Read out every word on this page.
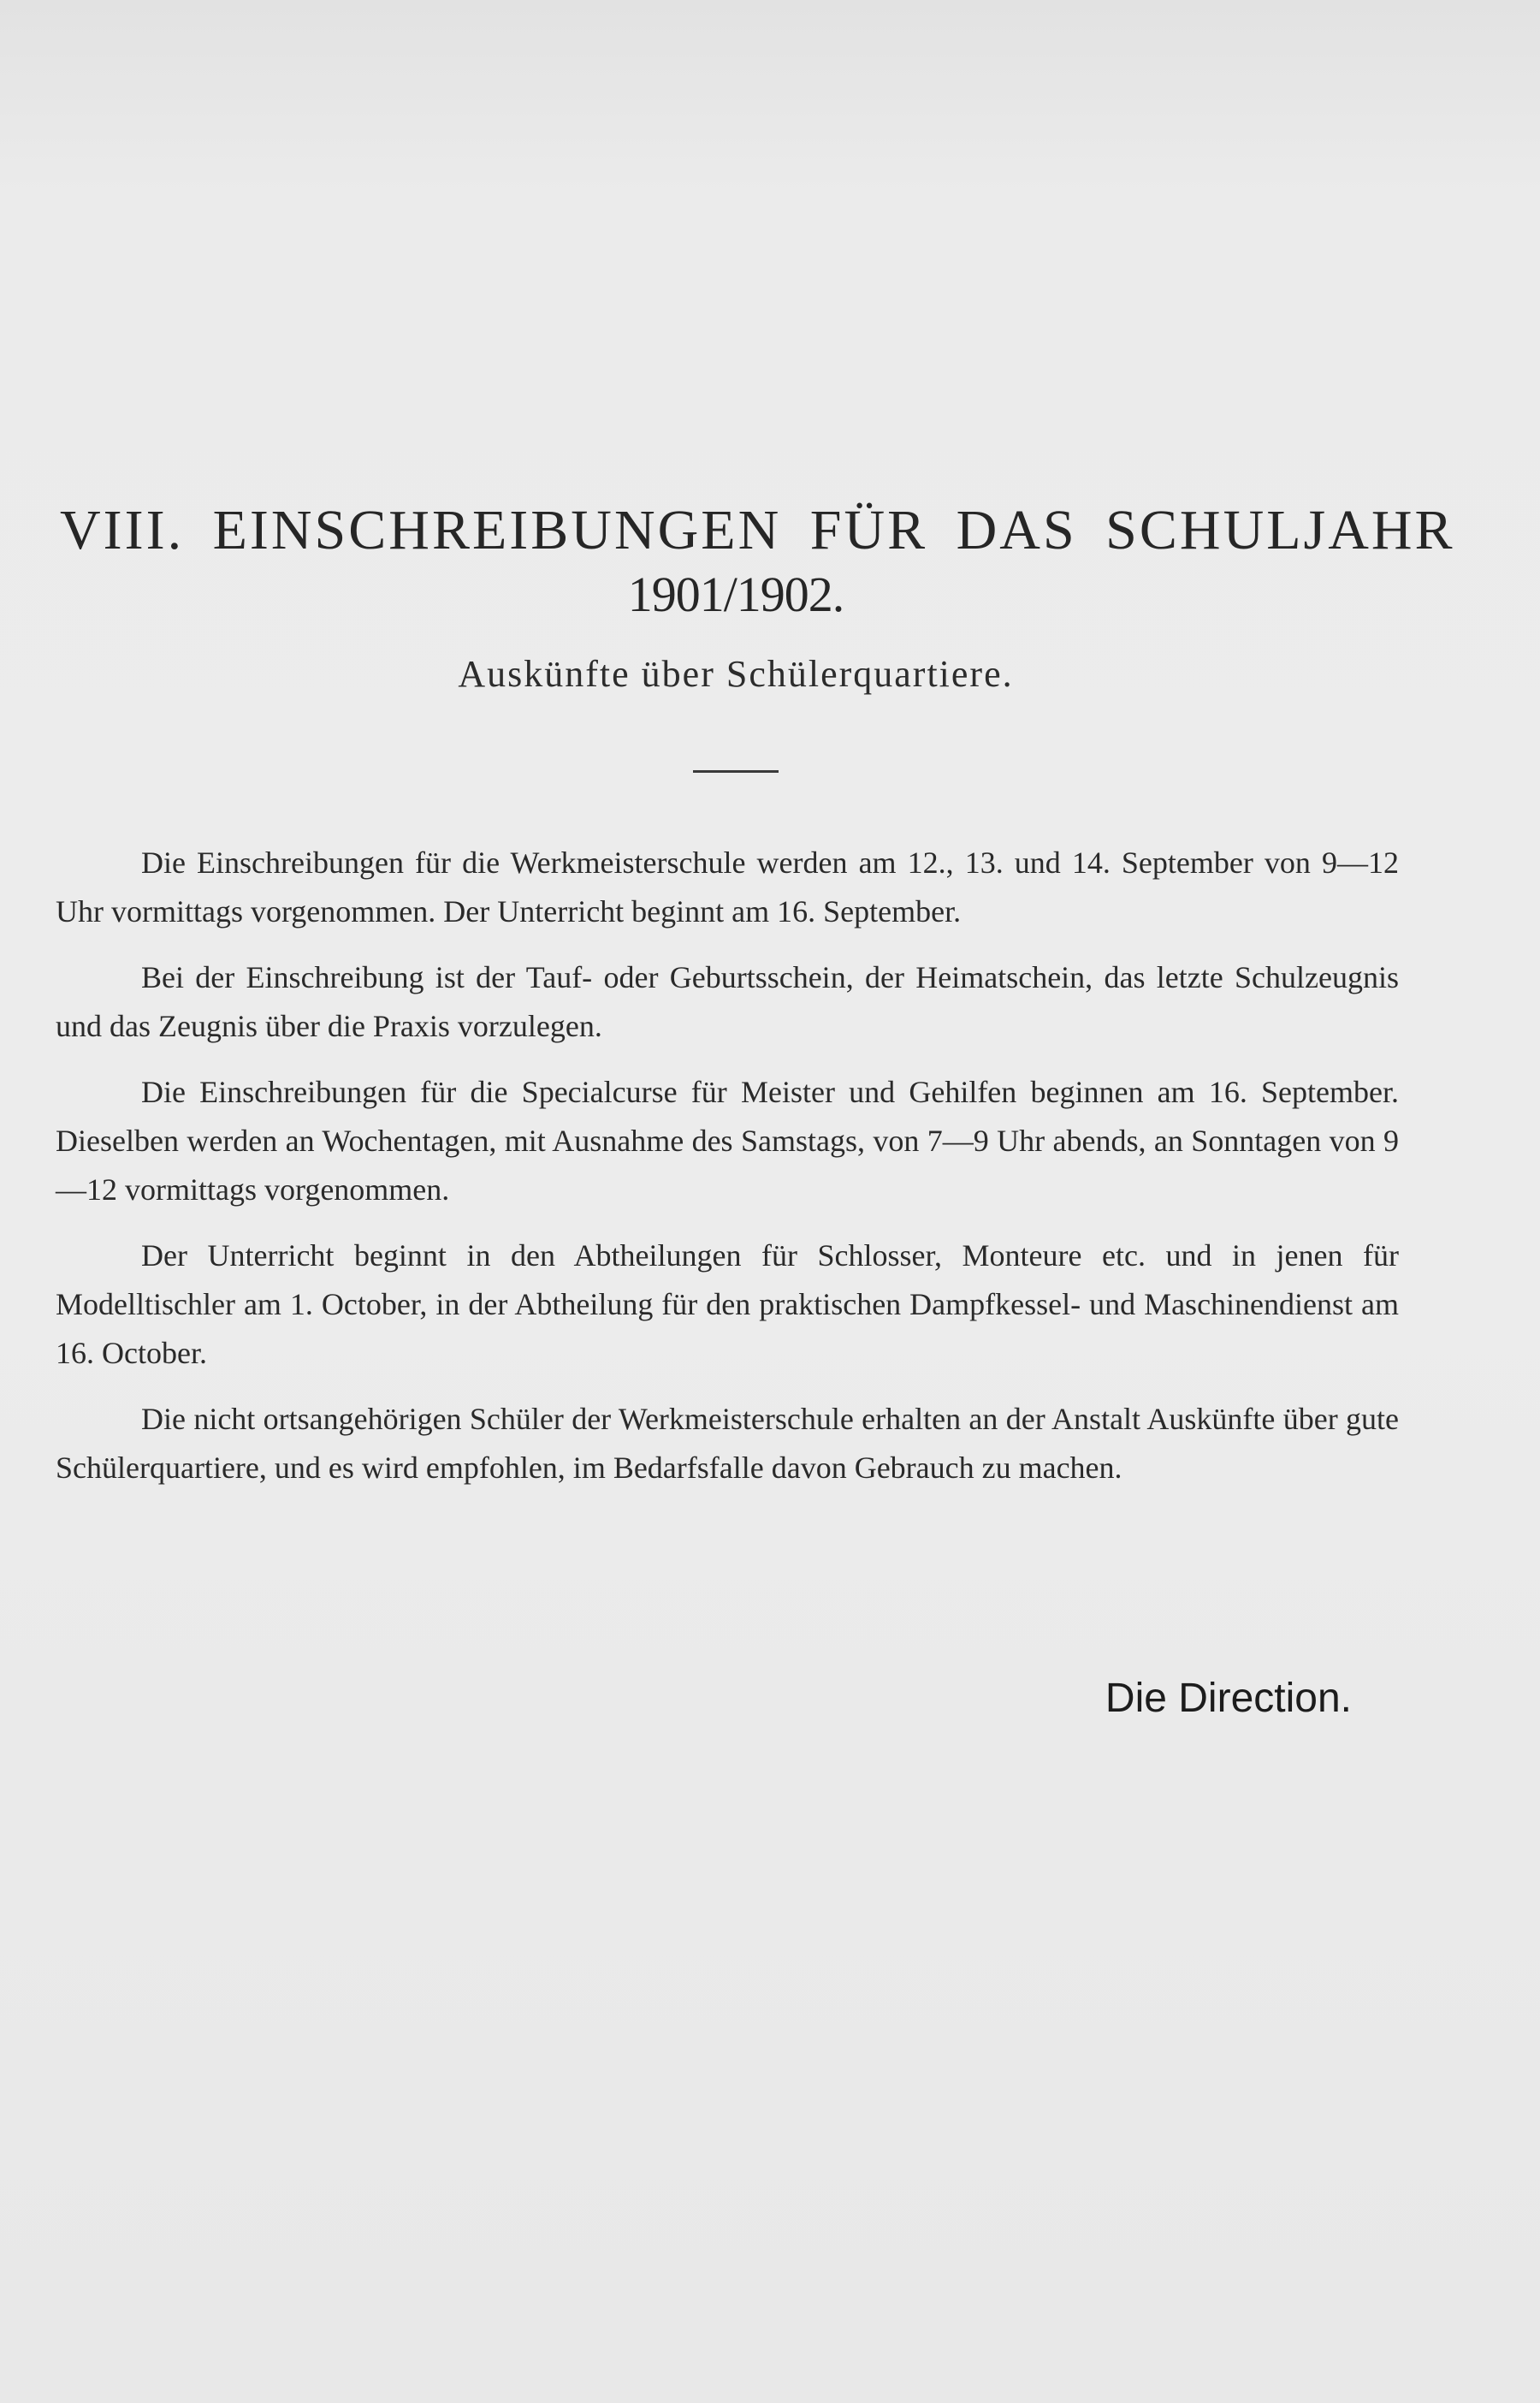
VIII. EINSCHREIBUNGEN FÜR DAS SCHULJAHR
1901/1902.
Auskünfte über Schülerquartiere.

Die Einschreibungen für die Werkmeisterschule werden am 12., 13. und 14. September von 9—12 Uhr vormittags vorgenommen. Der Unterricht beginnt am 16. September.

Bei der Einschreibung ist der Tauf- oder Geburtsschein, der Heimatschein, das letzte Schulzeugnis und das Zeugnis über die Praxis vorzulegen.

Die Einschreibungen für die Specialcurse für Meister und Gehilfen beginnen am 16. September. Dieselben werden an Wochentagen, mit Ausnahme des Samstags, von 7—9 Uhr abends, an Sonntagen von 9—12 vormittags vorgenommen.

Der Unterricht beginnt in den Abtheilungen für Schlosser, Monteure etc. und in jenen für Modelltischler am 1. October, in der Abtheilung für den praktischen Dampfkessel- und Maschinendienst am 16. October.

Die nicht ortsangehörigen Schüler der Werkmeisterschule erhalten an der Anstalt Auskünfte über gute Schülerquartiere, und es wird empfohlen, im Bedarfsfalle davon Gebrauch zu machen.

Die Direction.
